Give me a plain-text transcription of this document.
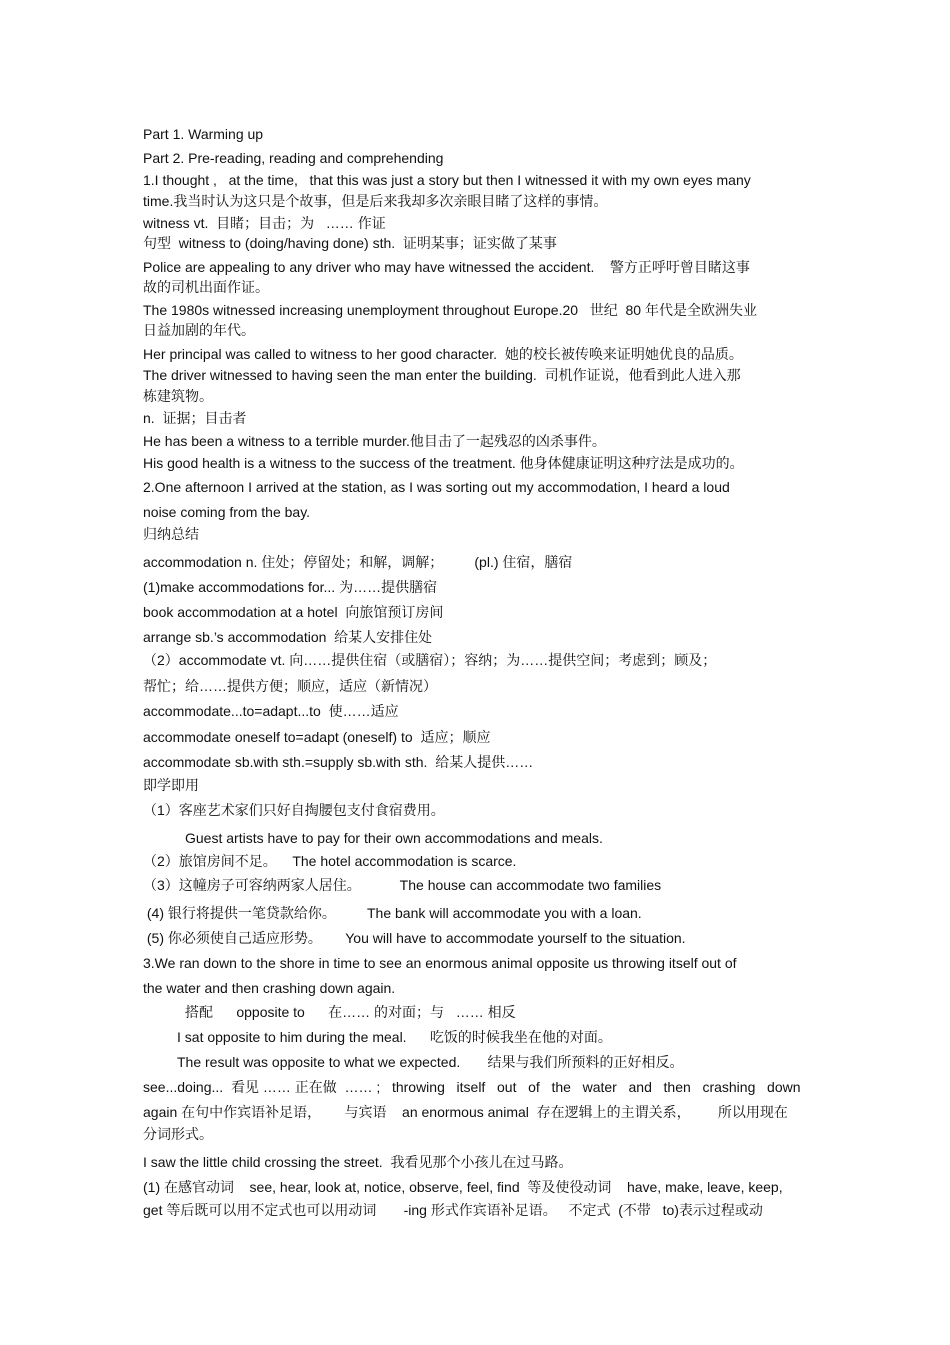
Part 1. Warming up

Part 2. Pre-reading, reading and comprehending

1.I thought ,   at the time,   that this was just a story but then I witnessed it with my own eyes many

time.我当时认为这只是个故事，但是后来我却多次亲眼目睹了这样的事情。

witness vt.  目睹；目击；为   …… 作证

句型  witness to (doing/having done) sth.  证明某事；证实做了某事

Police are appealing to any driver who may have witnessed the accident.    警方正呼吁曾目睹这事

故的司机出面作证。

The 1980s witnessed increasing unemployment throughout Europe.20   世纪  80 年代是全欧洲失业

日益加剧的年代。

Her principal was called to witness to her good character.  她的校长被传唤来证明她优良的品质。

The driver witnessed to having seen the man enter the building.  司机作证说，他看到此人进入那

栋建筑物。

n.  证据；目击者

He has been a witness to a terrible murder.他目击了一起残忍的凶杀事件。

His good health is a witness to the success of the treatment. 他身体健康证明这种疗法是成功的。

2.One afternoon I arrived at the station, as I was sorting out my accommodation, I heard a loud

noise coming from the bay.

归纳总结

accommodation n. 住处；停留处；和解，调解；        (pl.) 住宿，膳宿

(1)make accommodations for... 为……提供膳宿

book accommodation at a hotel  向旅馆预订房间

arrange sb.’s accommodation  给某人安排住处

（2）accommodate vt. 向……提供住宿（或膳宿）；容纳；为……提供空间；考虑到；顾及；

帮忙；给……提供方便；顺应，适应（新情况）

accommodate...to=adapt...to  使……适应

accommodate oneself to=adapt (oneself) to  适应；顺应

accommodate sb.with sth.=supply sb.with sth.  给某人提供……

即学即用

（1）客座艺术家们只好自掏腰包支付食宿费用。

Guest artists have to pay for their own accommodations and meals.

（2）旅馆房间不足。    The hotel accommodation is scarce.

（3）这幢房子可容纳两家人居住。          The house can accommodate two families

(4) 银行将提供一笔贷款给你。        The bank will accommodate you with a loan.

(5) 你必须使自己适应形势。      You will have to accommodate yourself to the situation.

3.We ran down to the shore in time to see an enormous animal opposite us throwing itself out of

the water and then crashing down again.

搭配      opposite to      在…… 的对面；与   …… 相反

I sat opposite to him during the meal.      吃饭的时候我坐在他的对面。

The result was opposite to what we expected.       结果与我们所预料的正好相反。

see...doing...  看见 …… 正在做  …… ;   throwing   itself   out   of   the   water   and   then   crashing   down

again 在句中作宾语补足语，      与宾语    an enormous animal  存在逻辑上的主谓关系，       所以用现在

分词形式。

I saw the little child crossing the street.  我看见那个小孩儿在过马路。

(1) 在感官动词    see, hear, look at, notice, observe, feel, find  等及使役动词    have, make, leave, keep,

get 等后既可以用不定式也可以用动词       -ing 形式作宾语补足语。   不定式  (不带   to)表示过程或动
